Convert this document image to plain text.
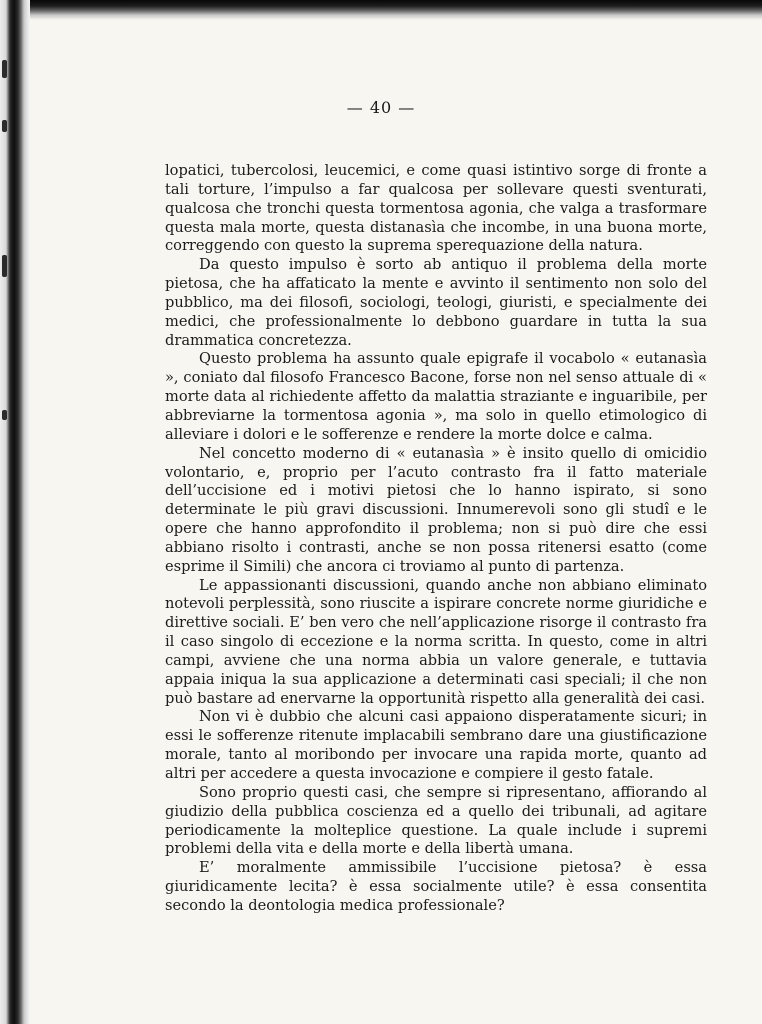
— 40 —

lopatici, tubercolosi, leucemici, e come quasi istintivo sorge di fronte a tali torture, l’impulso a far qualcosa per sollevare questi sventurati, qualcosa che tronchi questa tormentosa agonia, che valga a trasformare questa mala morte, questa distanasìa che incombe, in una buona morte, correggendo con questo la suprema sperequazione della natura.

Da questo impulso è sorto ab antiquo il problema della morte pietosa, che ha affaticato la mente e avvinto il sentimento non solo del pubblico, ma dei filosofi, sociologi, teologi, giuristi, e specialmente dei medici, che professionalmente lo debbono guardare in tutta la sua drammatica concretezza.

Questo problema ha assunto quale epigrafe il vocabolo « eutanasìa », coniato dal filosofo Francesco Bacone, forse non nel senso attuale di « morte data al richiedente affetto da malattia straziante e inguaribile, per abbreviarne la tormentosa agonia », ma solo in quello etimologico di alleviare i dolori e le sofferenze e rendere la morte dolce e calma.

Nel concetto moderno di « eutanasìa » è insito quello di omicidio volontario, e, proprio per l’acuto contrasto fra il fatto materiale dell’uccisione ed i motivi pietosi che lo hanno ispirato, si sono determinate le più gravi discussioni. Innumerevoli sono gli studî e le opere che hanno approfondito il problema; non si può dire che essi abbiano risolto i contrasti, anche se non possa ritenersi esatto (come esprime il Simili) che ancora ci troviamo al punto di partenza.

Le appassionanti discussioni, quando anche non abbiano eliminato notevoli perplessità, sono riuscite a ispirare concrete norme giuridiche e direttive sociali. E’ ben vero che nell’applicazione risorge il contrasto fra il caso singolo di eccezione e la norma scritta. In questo, come in altri campi, avviene che una norma abbia un valore generale, e tuttavia appaia iniqua la sua applicazione a determinati casi speciali; il che non può bastare ad enervarne la opportunità rispetto alla generalità dei casi.

Non vi è dubbio che alcuni casi appaiono disperatamente sicuri; in essi le sofferenze ritenute implacabili sembrano dare una giustificazione morale, tanto al moribondo per invocare una rapida morte, quanto ad altri per accedere a questa invocazione e compiere il gesto fatale.

Sono proprio questi casi, che sempre si ripresentano, affiorando al giudizio della pubblica coscienza ed a quello dei tribunali, ad agitare periodicamente la molteplice questione. La quale include i supremi problemi della vita e della morte e della libertà umana.

E’ moralmente ammissibile l’uccisione pietosa? è essa giuridicamente lecita? è essa socialmente utile? è essa consentita secondo la deontologia medica professionale?
